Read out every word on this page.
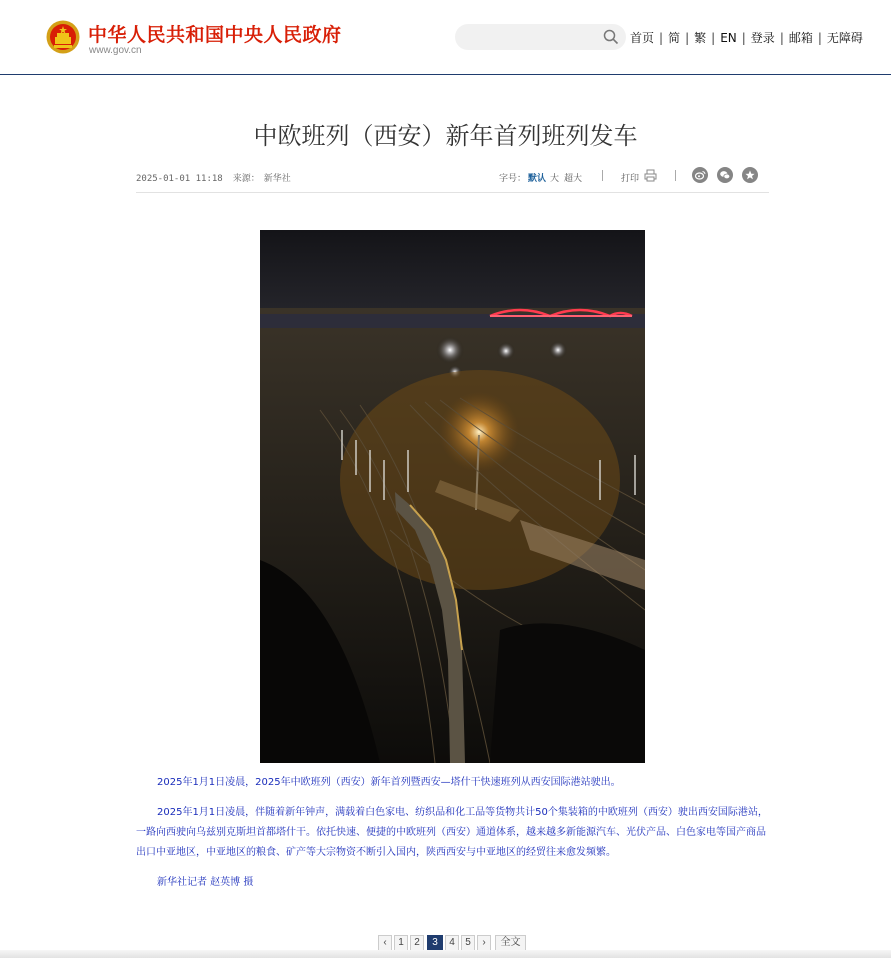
中华人民共和国中央人民政府
www.gov.cn
首页 | 简 | 繁 | EN | 登录 | 邮箱 | 无障碍
中欧班列（西安）新年首列班列发车
2025-01-01 11:18 来源： 新华社	字号： 默认 大 超大	打印
2025年1月1日凌晨，2025年中欧班列（西安）新年首列暨西安—塔什干快速班列从西安国际港站驶出。
2025年1月1日凌晨，伴随着新年钟声，满载着白色家电、纺织品和化工品等货物共计50个集装箱的中欧班列（西安）驶出西安国际港站，一路向西驶向乌兹别克斯坦首都塔什干。依托快速、便捷的中欧班列（西安）通道体系，越来越多新能源汽车、光伏产品、白色家电等国产商品出口中亚地区，中亚地区的粮食、矿产等大宗物资不断引入国内，陕西西安与中亚地区的经贸往来愈发频繁。
新华社记者 赵英博 摄
‹	1	2	3	4	5	›	全文
